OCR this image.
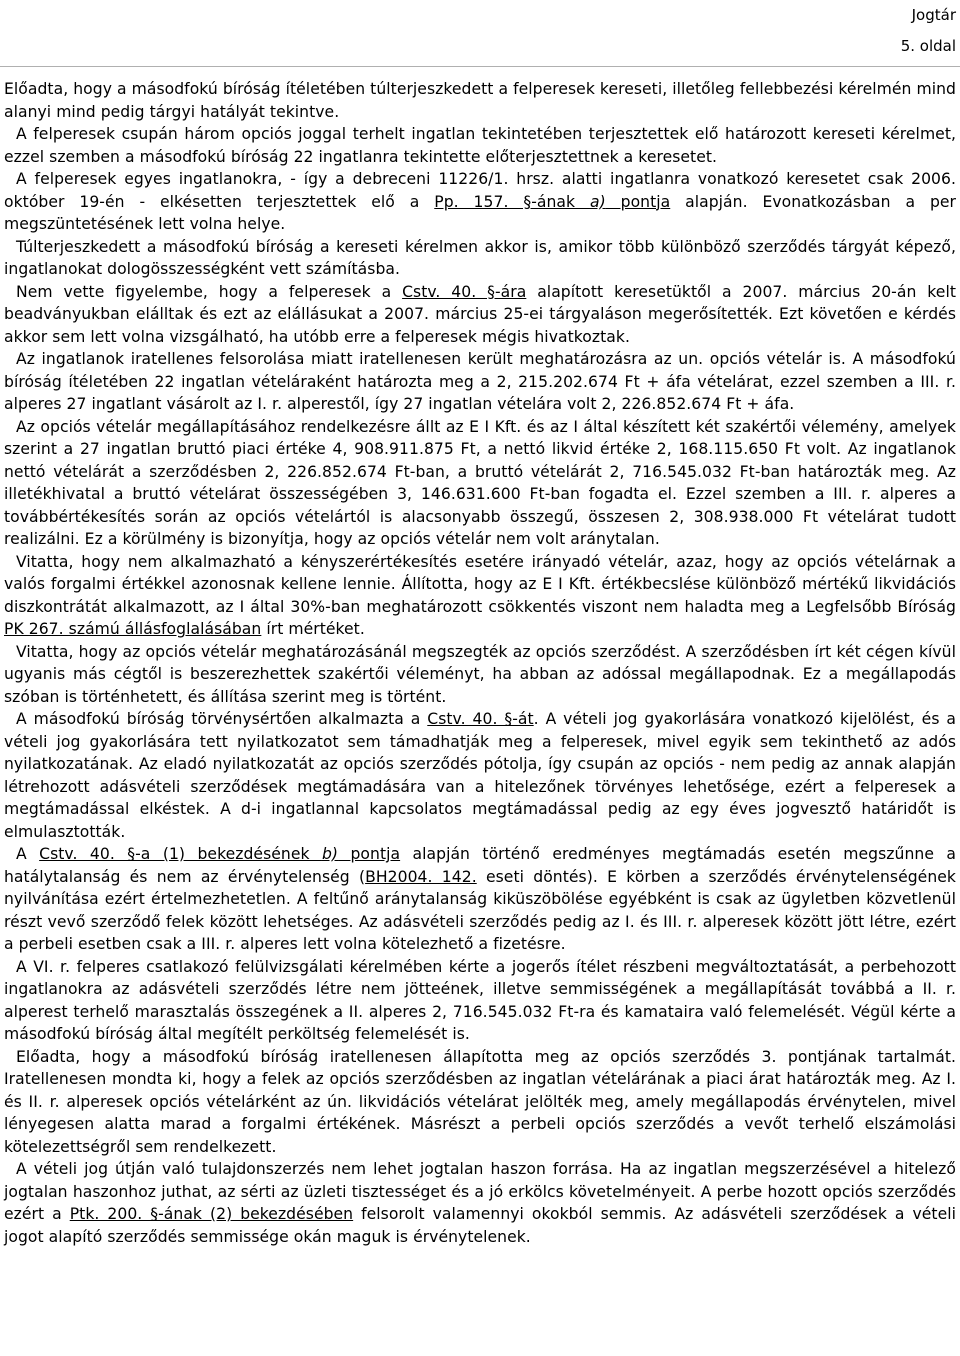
Jogtár
5. oldal

Előadta, hogy a másodfokú bíróság ítéletében túlterjeszkedett a felperesek kereseti, illetőleg fellebbezési kérelmén mind alanyi mind pedig tárgyi hatályát tekintve.

A felperesek csupán három opciós joggal terhelt ingatlan tekintetében terjesztettek elő határozott kereseti kérelmet, ezzel szemben a másodfokú bíróság 22 ingatlanra tekintette előterjesztettnek a keresetet.

A felperesek egyes ingatlanokra, - így a debreceni 11226/1. hrsz. alatti ingatlanra vonatkozó keresetet csak 2006. október 19-én - elkésetten terjesztettek elő a Pp. 157. §-ának a) pontja alapján. Evonatkozásban a per megszüntetésének lett volna helye.

Túlterjeszkedett a másodfokú bíróság a kereseti kérelmen akkor is, amikor több különböző szerződés tárgyát képező, ingatlanokat dologösszességként vett számításba.

Nem vette figyelembe, hogy a felperesek a Cstv. 40. §-ára alapított keresetüktől a 2007. március 20-án kelt beadványukban elálltak és ezt az elállásukat a 2007. március 25-ei tárgyaláson megerősítették. Ezt követően e kérdés akkor sem lett volna vizsgálható, ha utóbb erre a felperesek mégis hivatkoztak.

Az ingatlanok iratellenes felsorolása miatt iratellenesen került meghatározásra az un. opciós vételár is. A másodfokú bíróság ítéletében 22 ingatlan vételáraként határozta meg a 2, 215.202.674 Ft + áfa vételárat, ezzel szemben a III. r. alperes 27 ingatlant vásárolt az I. r. alperestől, így 27 ingatlan vételára volt 2, 226.852.674 Ft + áfa.

Az opciós vételár megállapításához rendelkezésre állt az E I Kft. és az I által készített két szakértői vélemény, amelyek szerint a 27 ingatlan bruttó piaci értéke 4, 908.911.875 Ft, a nettó likvid értéke 2, 168.115.650 Ft volt. Az ingatlanok nettó vételárát a szerződésben 2, 226.852.674 Ft-ban, a bruttó vételárát 2, 716.545.032 Ft-ban határozták meg. Az illetékhivatal a bruttó vételárat összességében 3, 146.631.600 Ft-ban fogadta el. Ezzel szemben a III. r. alperes a továbbértékesítés során az opciós vételártól is alacsonyabb összegű, összesen 2, 308.938.000 Ft vételárat tudott realizálni. Ez a körülmény is bizonyítja, hogy az opciós vételár nem volt aránytalan.

Vitatta, hogy nem alkalmazható a kényszerértékesítés esetére irányadó vételár, azaz, hogy az opciós vételárnak a valós forgalmi értékkel azonosnak kellene lennie. Állította, hogy az E I Kft. értékbecslése különböző mértékű likvidációs diszkontrátát alkalmazott, az I által 30%-ban meghatározott csökkentés viszont nem haladta meg a Legfelsőbb Bíróság PK 267. számú állásfoglalásában írt mértéket.

Vitatta, hogy az opciós vételár meghatározásánál megszegték az opciós szerződést. A szerződésben írt két cégen kívül ugyanis más cégtől is beszerezhettek szakértői véleményt, ha abban az adóssal megállapodnak. Ez a megállapodás szóban is történhetett, és állítása szerint meg is történt.

A másodfokú bíróság törvénysértően alkalmazta a Cstv. 40. §-át. A vételi jog gyakorlására vonatkozó kijelölést, és a vételi jog gyakorlására tett nyilatkozatot sem támadhatják meg a felperesek, mivel egyik sem tekinthető az adós nyilatkozatának. Az eladó nyilatkozatát az opciós szerződés pótolja, így csupán az opciós - nem pedig az annak alapján létrehozott adásvételi szerződések megtámadására van a hitelezőnek törvényes lehetősége, ezért a felperesek a megtámadással elkéstek. A d-i ingatlannal kapcsolatos megtámadással pedig az egy éves jogvesztő határidőt is elmulasztották.

A Cstv. 40. §-a (1) bekezdésének b) pontja alapján történő eredményes megtámadás esetén megszűnne a hatálytalanság és nem az érvénytelenség (BH2004. 142. eseti döntés). E körben a szerződés érvénytelenségének nyilvánítása ezért értelmezhetetlen. A feltűnő aránytalanság kiküszöbölése egyébként is csak az ügyletben közvetlenül részt vevő szerződő felek között lehetséges. Az adásvételi szerződés pedig az I. és III. r. alperesek között jött létre, ezért a perbeli esetben csak a III. r. alperes lett volna kötelezhető a fizetésre.

A VI. r. felperes csatlakozó felülvizsgálati kérelmében kérte a jogerős ítélet részbeni megváltoztatását, a perbehozott ingatlanokra az adásvételi szerződés létre nem jötteének, illetve semmisségének a megállapítását továbbá a II. r. alperest terhelő marasztalás összegének a II. alperes 2, 716.545.032 Ft-ra és kamataira való felemelését. Végül kérte a másodfokú bíróság által megítélt perköltség felemelését is.

Előadta, hogy a másodfokú bíróság iratellenesen állapította meg az opciós szerződés 3. pontjának tartalmát. Iratellenesen mondta ki, hogy a felek az opciós szerződésben az ingatlan vételárának a piaci árat határozták meg. Az I. és II. r. alperesek opciós vételárként az ún. likvidációs vételárat jelölték meg, amely megállapodás érvénytelen, mivel lényegesen alatta marad a forgalmi értékének. Másrészt a perbeli opciós szerződés a vevőt terhelő elszámolási kötelezettségről sem rendelkezett.

A vételi jog útján való tulajdonszerzés nem lehet jogtalan haszon forrása. Ha az ingatlan megszerzésével a hitelező jogtalan haszonhoz juthat, az sérti az üzleti tisztességet és a jó erkölcs követelményeit. A perbe hozott opciós szerződés ezért a Ptk. 200. §-ának (2) bekezdésében felsorolt valamennyi okokból semmis. Az adásvételi szerződések a vételi jogot alapító szerződés semmissége okán maguk is érvénytelenek.
